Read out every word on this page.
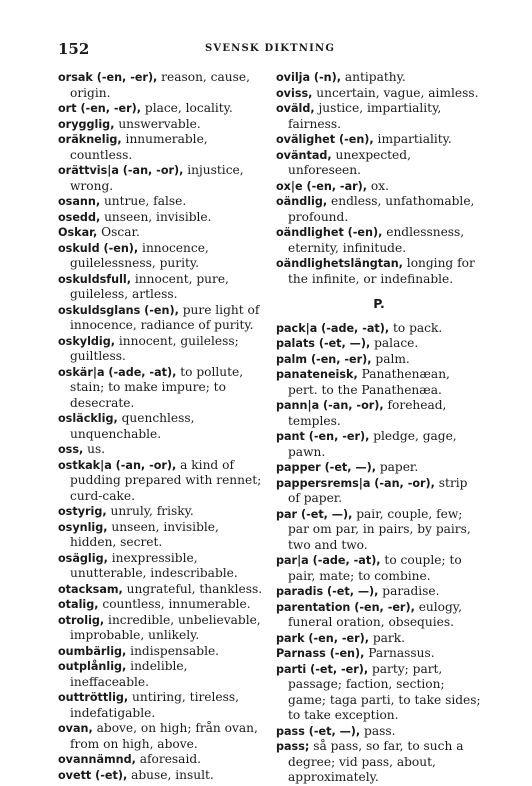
152	SVENSK DIKTNING

orsak (-en, -er), reason, cause, origin.

ort (-en, -er), place, locality.

orygglig, unswervable.

oräknelig, innumerable, countless.

orättvis|a (-an, -or), injustice, wrong.

osann, untrue, false.

osedd, unseen, invisible.

Oskar, Oscar.

oskuld (-en), innocence, guilelessness, purity.

oskuldsfull, innocent, pure, guileless, artless.

oskuldsglans (-en), pure light of innocence, radiance of purity.

oskyldig, innocent, guileless; guiltless.

oskär|a (-ade, -at), to pollute, stain; to make impure; to desecrate.

osläcklig, quenchless, unquenchable.

oss, us.

ostkak|a (-an, -or), a kind of pudding prepared with rennet; curd-cake.

ostyrig, unruly, frisky.

osynlig, unseen, invisible, hidden, secret.

osäglig, inexpressible, unutterable, indescribable.

otacksam, ungrateful, thankless.

otalig, countless, innumerable.

otrolig, incredible, unbelievable, improbable, unlikely.

oumbärlig, indispensable.

outplånlig, indelible, ineffaceable.

outtröttlig, untiring, tireless, indefatigable.

ovan, above, on high; från ovan, from on high, above.

ovannämnd, aforesaid.

ovett (-et), abuse, insult.

ovilja (-n), antipathy.

oviss, uncertain, vague, aimless.

oväld, justice, impartiality, fairness.

ovälighet (-en), impartiality.

oväntad, unexpected, unforeseen.

ox|e (-en, -ar), ox.

oändlig, endless, unfathomable, profound.

oändlighet (-en), endlessness, eternity, infinitude.

oändlighetslängtan, longing for the infinite, or indefinable.

P.

pack|a (-ade, -at), to pack.

palats (-et, —), palace.

palm (-en, -er), palm.

panateneisk, Panathenæan, pert. to the Panathenæa.

pann|a (-an, -or), forehead, temples.

pant (-en, -er), pledge, gage, pawn.

papper (-et, —), paper.

pappersrems|a (-an, -or), strip of paper.

par (-et, —), pair, couple, few; par om par, in pairs, by pairs, two and two.

par|a (-ade, -at), to couple; to pair, mate; to combine.

paradis (-et, —), paradise.

parentation (-en, -er), eulogy, funeral oration, obsequies.

park (-en, -er), park.

Parnass (-en), Parnassus.

parti (-et, -er), party; part, passage; faction, section; game; taga parti, to take sides; to take exception.

pass (-et, —), pass.

pass; så pass, so far, to such a degree; vid pass, about, approximately.
